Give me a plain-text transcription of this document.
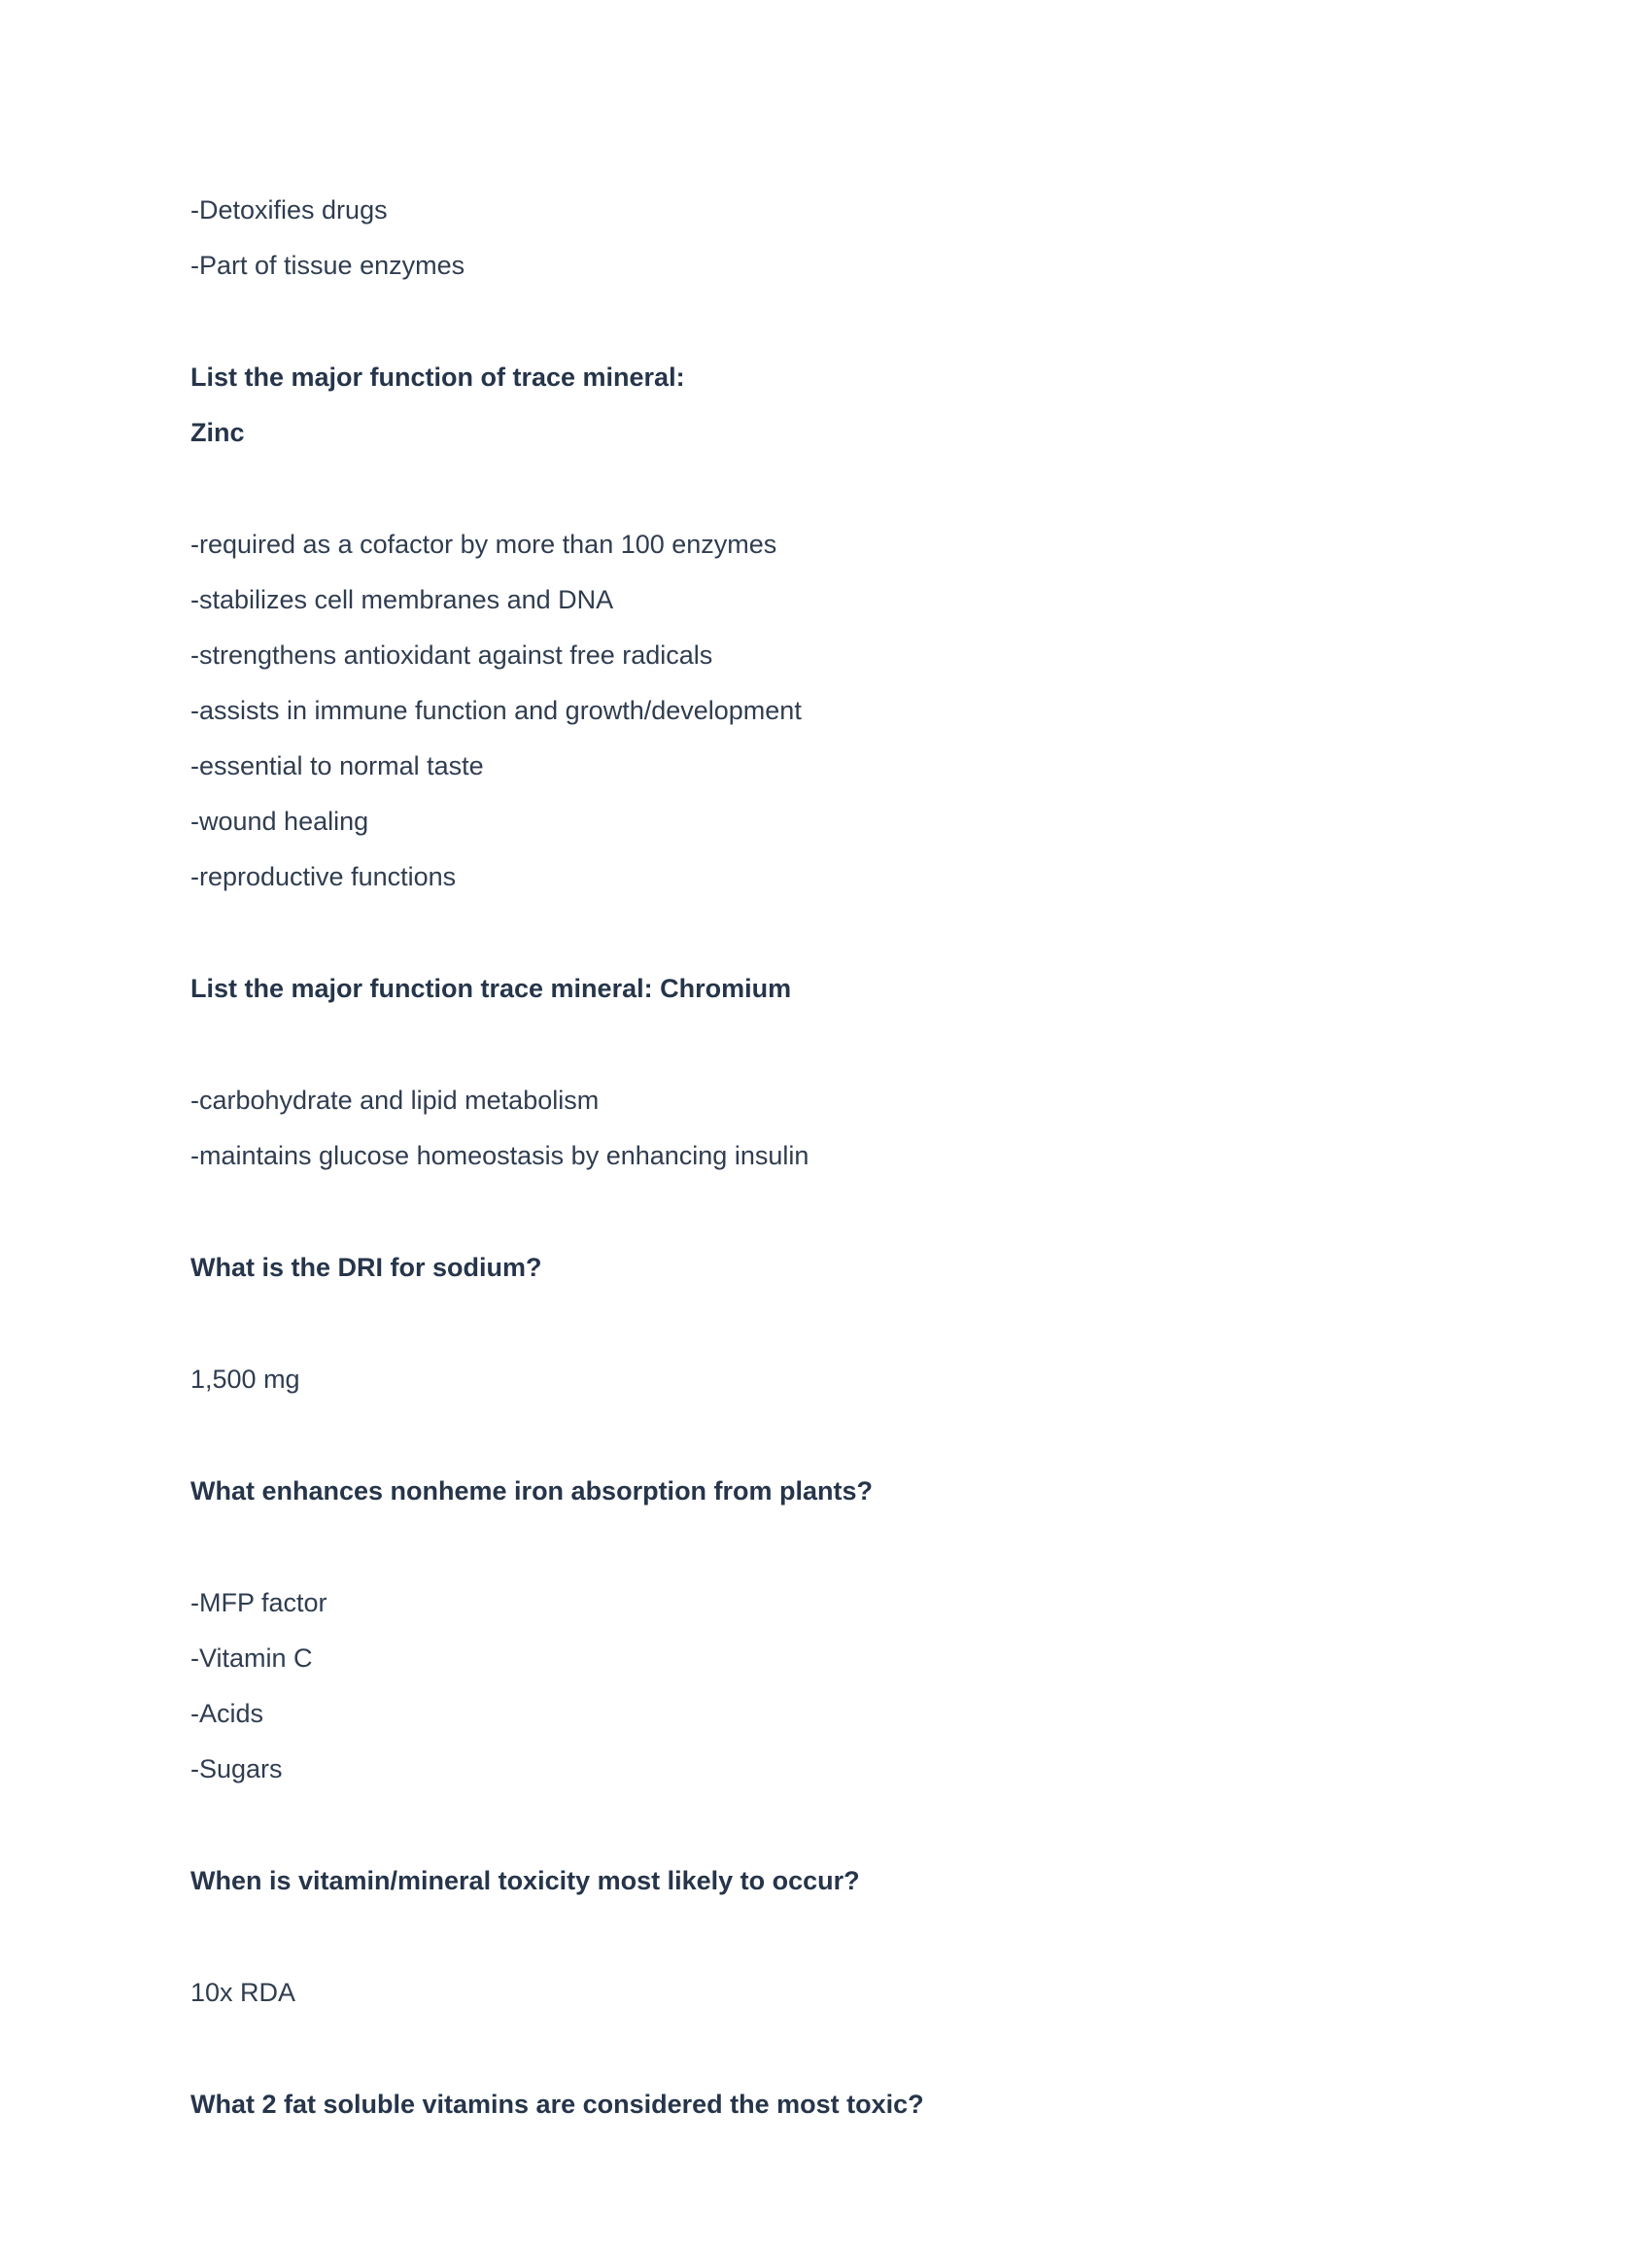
-Detoxifies drugs
-Part of tissue enzymes
List the major function of trace mineral:
Zinc
-required as a cofactor by more than 100 enzymes
-stabilizes cell membranes and DNA
-strengthens antioxidant against free radicals
-assists in immune function and growth/development
-essential to normal taste
-wound healing
-reproductive functions
List the major function trace mineral: Chromium
-carbohydrate and lipid metabolism
-maintains glucose homeostasis by enhancing insulin
What is the DRI for sodium?
1,500 mg
What enhances nonheme iron absorption from plants?
-MFP factor
-Vitamin C
-Acids
-Sugars
When is vitamin/mineral toxicity most likely to occur?
10x RDA
What 2 fat soluble vitamins are considered the most toxic?
